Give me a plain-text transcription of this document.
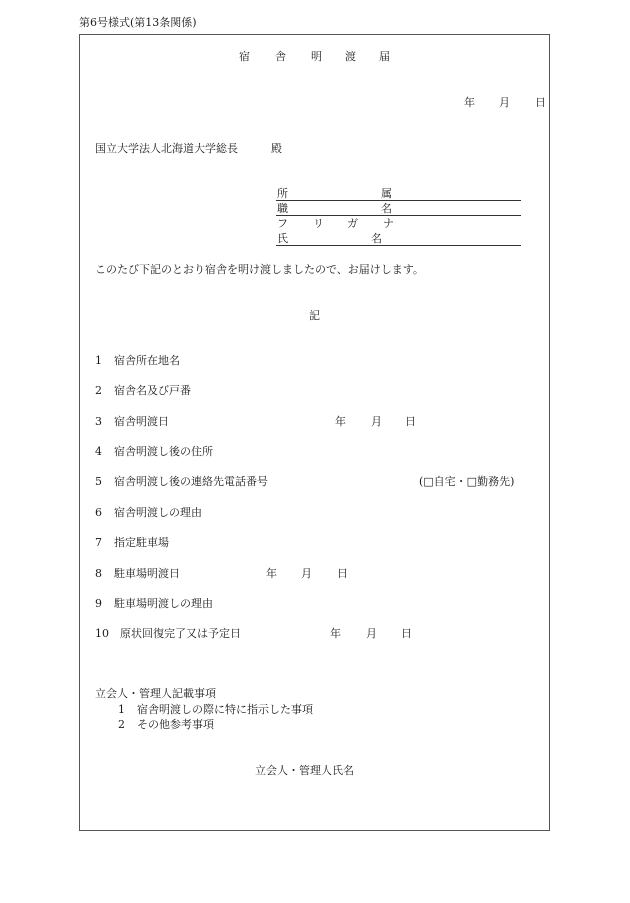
第6号様式(第13条関係)
宿 舎 明 渡 届
年 月 日
国立大学法人北海道大学総長	殿
所	属
職	名
フ リ ガ ナ
氏	名
このたび下記のとおり宿舎を明け渡しましたので、お届けします。
記
1 宿舎所在地名
2 宿舎名及び戸番
3 宿舎明渡日	年 月 日
4 宿舎明渡し後の住所
5 宿舎明渡し後の連絡先電話番号	(□自宅・□勤務先)
6 宿舎明渡しの理由
7 指定駐車場
8 駐車場明渡日	年 月 日
9 駐車場明渡しの理由
10 原状回復完了又は予定日	年 月 日
立会人・管理人記載事項
1 宿舎明渡しの際に特に指示した事項
2 その他参考事項
立会人・管理人氏名
